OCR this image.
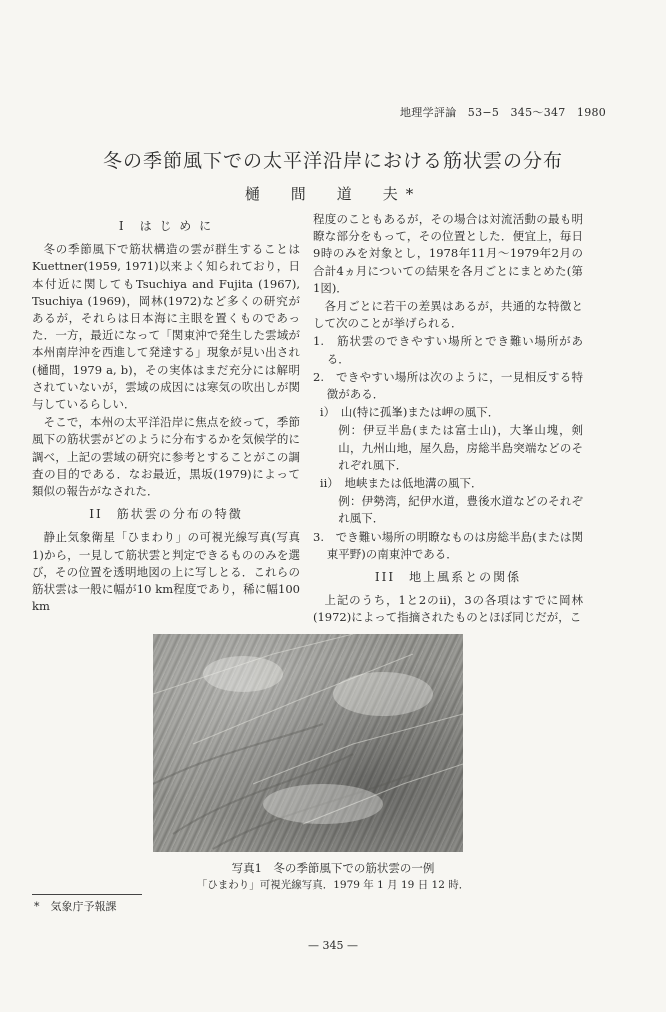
地理学評論　53−5　345〜347　1980
冬の季節風下での太平洋沿岸における筋状雲の分布
樋　間　道　夫*
I　は じ め に

冬の季節風下で筋状構造の雲が群生することはKuettner(1959, 1971)以来よく知られており，日本付近に関してもTsuchiya and Fujita (1967), Tsuchiya (1969)，岡林(1972)など多くの研究があるが，それらは日本海に主眼を置くものであった．一方，最近になって「関東沖で発生した雲域が本州南岸沖を西進して発達する」現象が見い出され(樋間，1979 a, b)，その実体はまだ充分には解明されていないが，雲域の成因には寒気の吹出しが関与しているらしい．

そこで，本州の太平洋沿岸に焦点を絞って，季節風下の筋状雲がどのように分布するかを気候学的に調べ，上記の雲域の研究に参考とすることがこの調査の目的である．なお最近，黒坂(1979)によって類似の報告がなされた．

II　筋状雲の分布の特徴

静止気象衛星「ひまわり」の可視光線写真(写真1)から，一見して筋状雲と判定できるもののみを選び，その位置を透明地図の上に写しとる．これらの筋状雲は一般に幅が10 km程度であり，稀に幅100 km

程度のこともあるが，その場合は対流活動の最も明瞭な部分をもって，その位置とした．便宜上，毎日9時のみを対象とし，1978年11月〜1979年2月の合計4ヵ月についての結果を各月ごとにまとめた(第1図)．

各月ごとに若干の差異はあるが，共通的な特徴として次のことが挙げられる．

1.　筋状雲のできやすい場所とでき難い場所がある．

2.　できやすい場所は次のように，一見相反する特徴がある．

i）　山(特に孤峯)または岬の風下．

例：伊豆半島(または富士山)，大峯山塊，剣山，九州山地，屋久島，房総半島突端などのそれぞれ風下．

ii）　地峡または低地溝の風下．

例：伊勢湾，紀伊水道，豊後水道などのそれぞれ風下．

3.　でき難い場所の明瞭なものは房総半島(または関東平野)の南東沖である．

III　地上風系との関係

上記のうち，1と2のii)，3の各項はすでに岡林(1972)によって指摘されたものとほぼ同じだが，こ

写真1　冬の季節風下での筋状雲の一例
「ひまわり」可視光線写真．1979 年 1 月 19 日 12 時．
*　気象庁予報課
— 345 —
